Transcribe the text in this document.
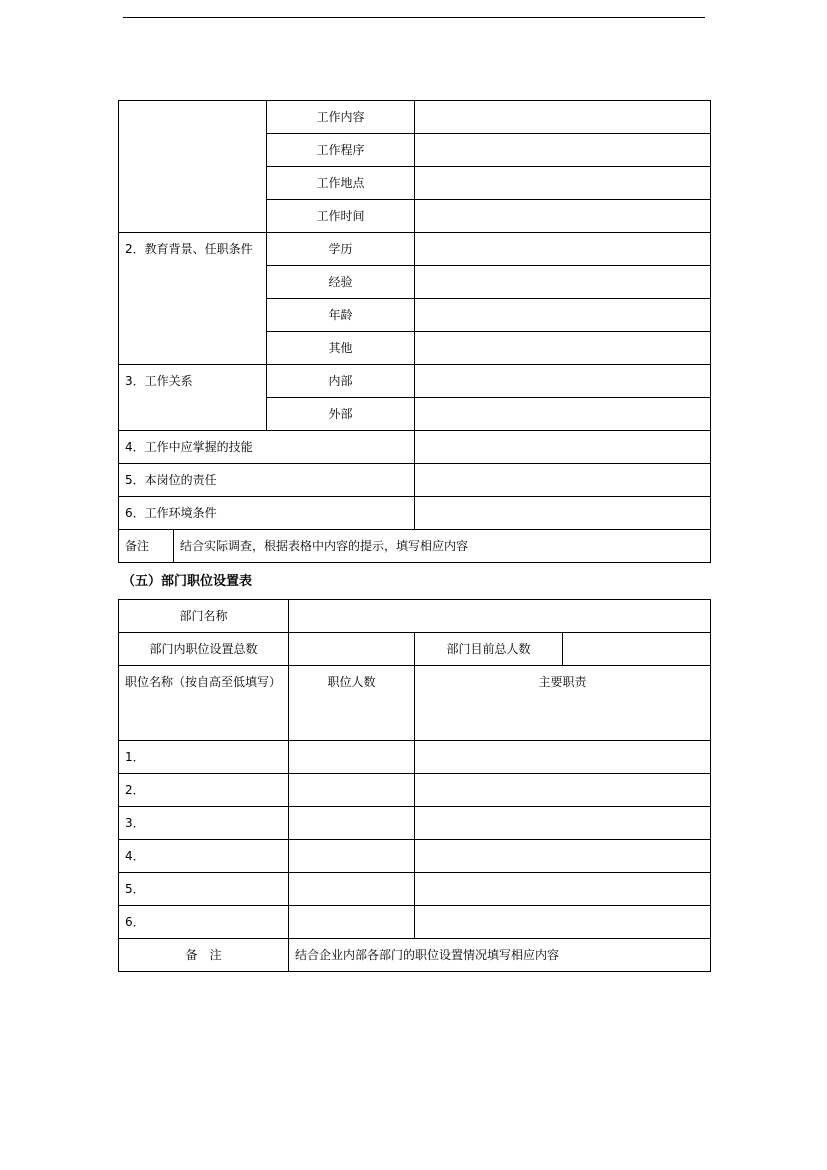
	工作内容	
	工作程序	
	工作地点	
	工作时间	
2．教育背景、任职条件	学历	
	经验	
	年龄	
	其他	
3．工作关系	内部	
	外部	
4．工作中应掌握的技能		
5．本岗位的责任		
6．工作环境条件		

备注 结合实际调查，根据表格中内容的提示，填写相应内容		
（五）部门职位设置表
部门名称			
部门内职位设置总数		部门目前总人数	
职位名称（按自高至低填写）	职位人数	主要职责	
1．			
2．			
3．			
4．			
5．			
6．			
备　注	结合企业内部各部门的职位设置情况填写相应内容		
